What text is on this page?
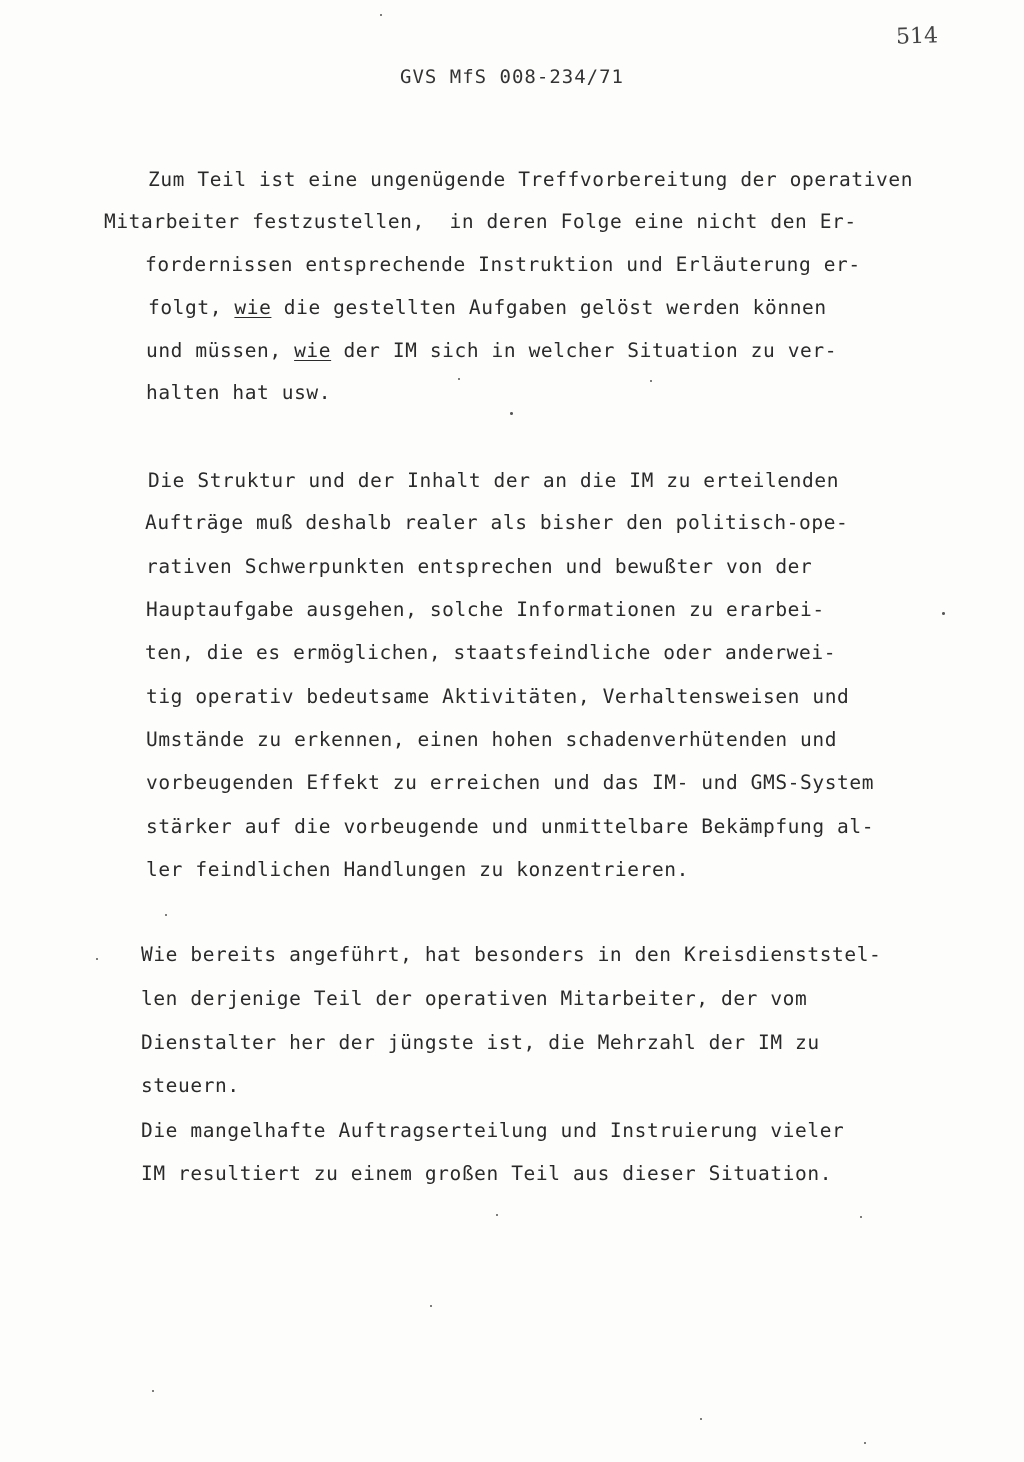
514
GVS MfS 008-234/71
Zum Teil ist eine ungenügende Treffvorbereitung der operativen
Mitarbeiter festzustellen,  in deren Folge eine nicht den Er-
fordernissen entsprechende Instruktion und Erläuterung er-
folgt, wie die gestellten Aufgaben gelöst werden können
und müssen, wie der IM sich in welcher Situation zu ver-
halten hat usw.
Die Struktur und der Inhalt der an die IM zu erteilenden
Aufträge muß deshalb realer als bisher den politisch-ope-
rativen Schwerpunkten entsprechen und bewußter von der
Hauptaufgabe ausgehen, solche Informationen zu erarbei-
ten, die es ermöglichen, staatsfeindliche oder anderwei-
tig operativ bedeutsame Aktivitäten, Verhaltensweisen und
Umstände zu erkennen, einen hohen schadenverhütenden und
vorbeugenden Effekt zu erreichen und das IM- und GMS-System
stärker auf die vorbeugende und unmittelbare Bekämpfung al-
ler feindlichen Handlungen zu konzentrieren.
Wie bereits angeführt, hat besonders in den Kreisdienststel-
len derjenige Teil der operativen Mitarbeiter, der vom
Dienstalter her der jüngste ist, die Mehrzahl der IM zu
steuern.
Die mangelhafte Auftragserteilung und Instruierung vieler
IM resultiert zu einem großen Teil aus dieser Situation.
